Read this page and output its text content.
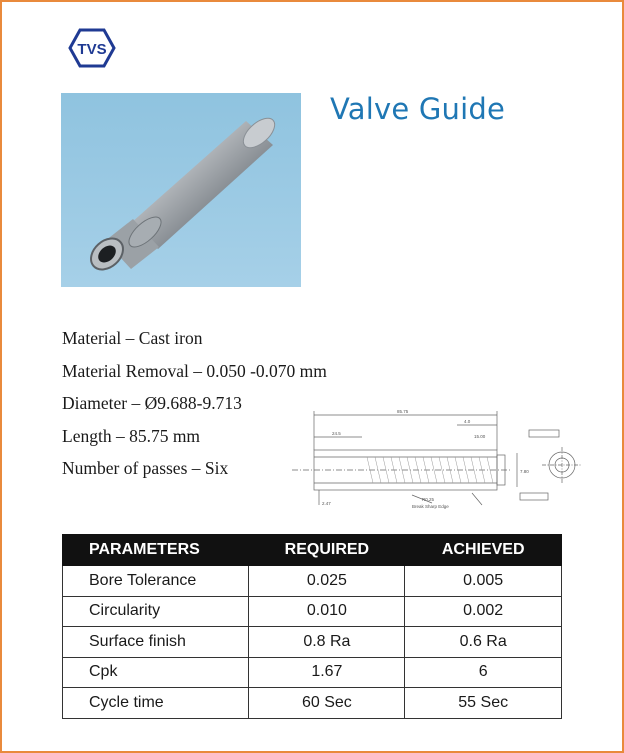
TVS
Valve Guide
Material – Cast iron
Material Removal – 0.050 -0.070 mm
Diameter – Ø9.688-9.713
Length – 85.75 mm
Number of passes – Six
85.75
24.5
4.0
15.00
7.80
2.47
Break Sharp Edge
R0.25
PARAMETERS	REQUIRED	ACHIEVED
Bore Tolerance	0.025	0.005
Circularity	0.010	0.002
Surface finish	0.8 Ra	0.6 Ra
Cpk	1.67	6
Cycle time	60 Sec	55 Sec
